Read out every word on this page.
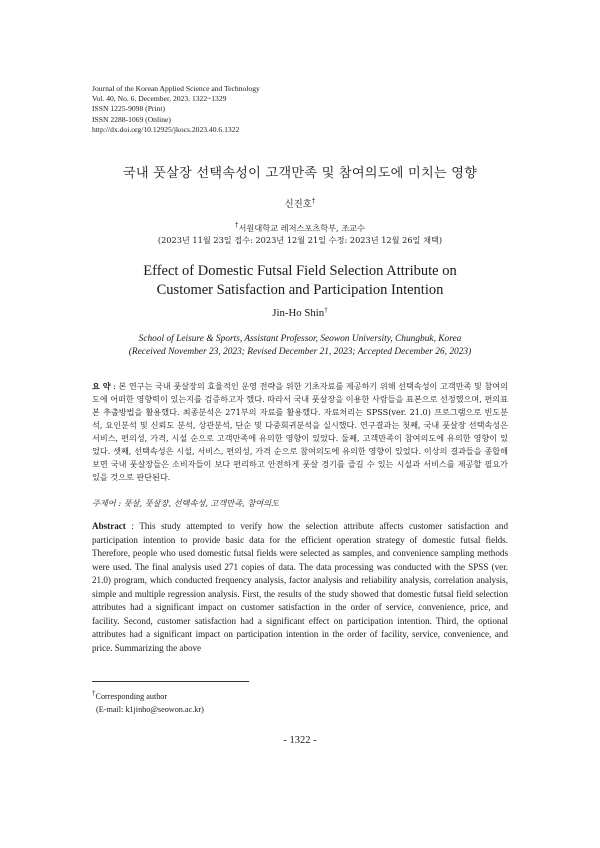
Journal of the Korean Applied Science and Technology
Vol. 40, No. 6. December, 2023. 1322~1329
ISSN 1225-9098 (Print)
ISSN 2288-1069 (Online)
http://dx.doi.org/10.12925/jkocs.2023.40.6.1322
국내 풋살장 선택속성이 고객만족 및 참여의도에 미치는 영향
신진호†
†서원대학교 레저스포츠학부, 조교수
(2023년 11월 23일 접수: 2023년 12월 21일 수정: 2023년 12월 26일 채택)
Effect of Domestic Futsal Field Selection Attribute on
Customer Satisfaction and Participation Intention
Jin-Ho Shin†
School of Leisure & Sports, Assistant Professor, Seowon University, Chungbuk, Korea
(Received November 23, 2023; Revised December 21, 2023; Accepted December 26, 2023)
요 약 : 본 연구는 국내 풋살장의 효율적인 운영 전략을 위한 기초자료를 제공하기 위해 선택속성이 고객만족 및 참여의도에 어떠한 영향력이 있는지를 검증하고자 했다. 따라서 국내 풋살장을 이용한 사람들을 표본으로 선정했으며, 편의표본 추출방법을 활용했다. 최종분석은 271부의 자료를 활용했다. 자료처리는 SPSS(ver. 21.0) 프로그램으로 빈도분석, 요인분석 및 신뢰도 분석, 상관분석, 단순 및 다중회귀분석을 실시했다. 연구결과는 첫째, 국내 풋살장 선택속성은 서비스, 편의성, 가격, 시설 순으로 고객만족에 유의한 영향이 있었다. 둘째, 고객만족이 참여의도에 유의한 영향이 있었다. 셋째, 선택속성은 시설, 서비스, 편의성, 가격 순으로 참여의도에 유의한 영향이 있었다. 이상의 결과들을 종합해보면 국내 풋살장들은 소비자들이 보다 편리하고 안전하게 풋살 경기를 즐길 수 있는 시설과 서비스를 제공할 필요가 있을 것으로 판단된다.
주제어 : 풋살, 풋살장, 선택속성, 고객만족, 참여의도
Abstract : This study attempted to verify how the selection attribute affects customer satisfaction and participation intention to provide basic data for the efficient operation strategy of domestic futsal fields. Therefore, people who used domestic futsal fields were selected as samples, and convenience sampling methods were used. The final analysis used 271 copies of data. The data processing was conducted with the SPSS (ver. 21.0) program, which conducted frequency analysis, factor analysis and reliability analysis, correlation analysis, simple and multiple regression analysis. First, the results of the study showed that domestic futsal field selection attributes had a significant impact on customer satisfaction in the order of service, convenience, price, and facility. Second, customer satisfaction had a significant effect on participation intention. Third, the optional attributes had a significant impact on participation intention in the order of facility, service, convenience, and price. Summarizing the above
†Corresponding author
(E-mail: k1jinho@seowon.ac.kr)
- 1322 -
